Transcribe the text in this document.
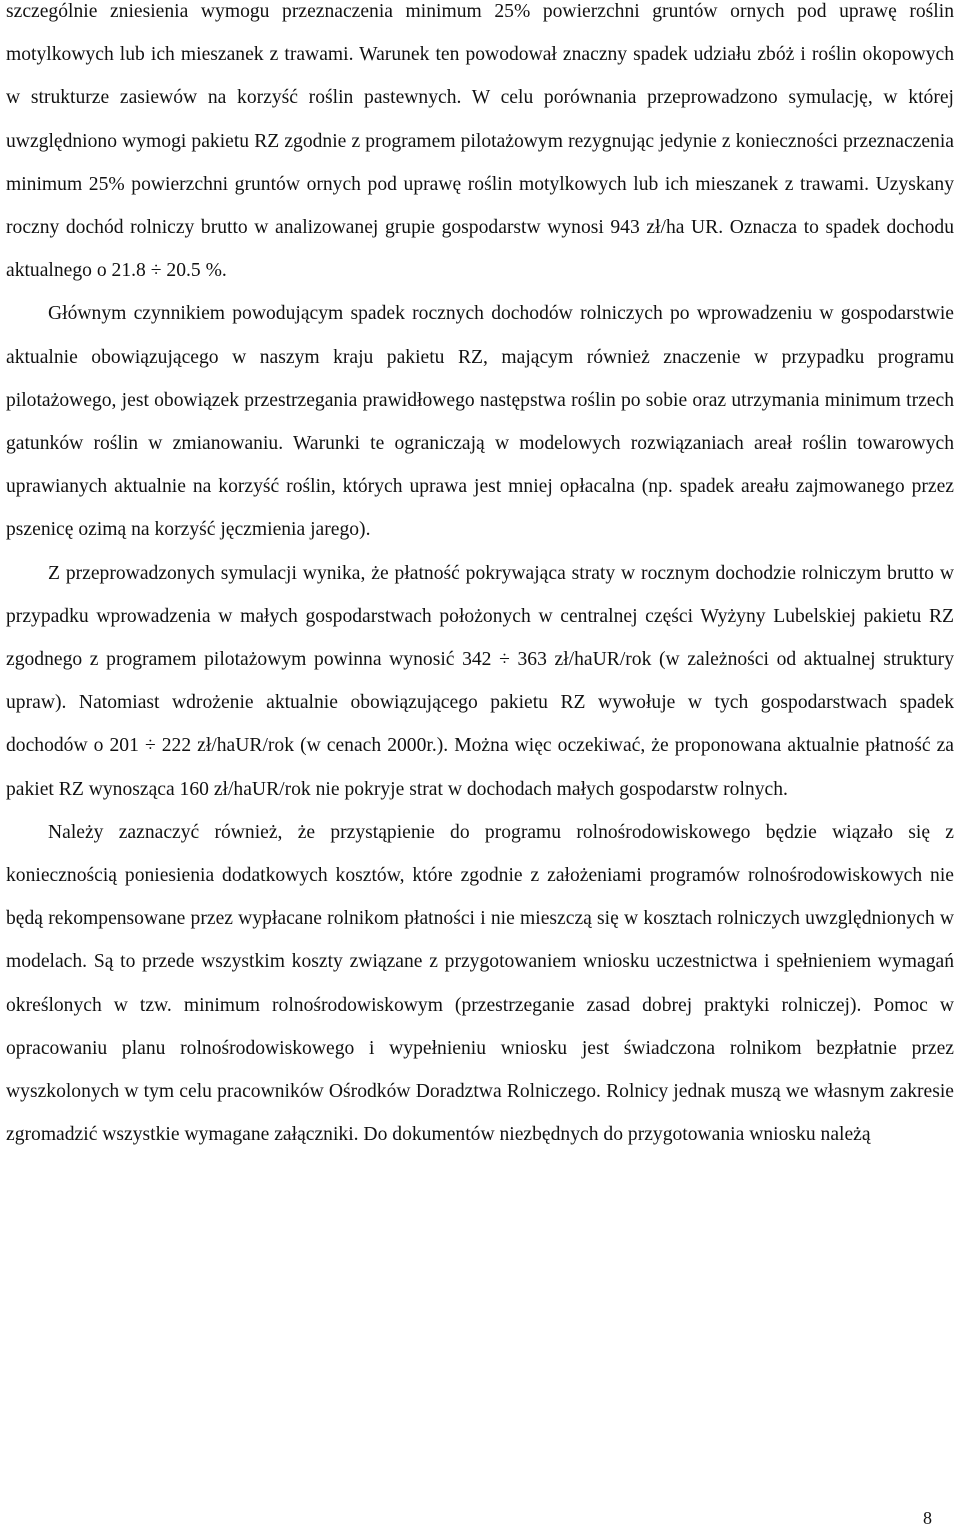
szczególnie zniesienia wymogu przeznaczenia minimum 25% powierzchni gruntów ornych pod uprawę roślin motylkowych lub ich mieszanek z trawami. Warunek ten powodował znaczny spadek udziału zbóż i roślin okopowych w strukturze zasiewów na korzyść roślin pastewnych. W celu porównania przeprowadzono symulację, w której uwzględniono wymogi pakietu RZ zgodnie z programem pilotażowym rezygnując jedynie z konieczności przeznaczenia minimum 25% powierzchni gruntów ornych pod uprawę roślin motylkowych lub ich mieszanek z trawami. Uzyskany roczny dochód rolniczy brutto w analizowanej grupie gospodarstw wynosi 943 zł/ha UR. Oznacza to spadek dochodu aktualnego o 21.8 ÷ 20.5 %.

Głównym czynnikiem powodującym spadek rocznych dochodów rolniczych po wprowadzeniu w gospodarstwie aktualnie obowiązującego w naszym kraju pakietu RZ, mającym również znaczenie w przypadku programu pilotażowego, jest obowiązek przestrzegania prawidłowego następstwa roślin po sobie oraz utrzymania minimum trzech gatunków roślin w zmianowaniu. Warunki te ograniczają w modelowych rozwiązaniach areał roślin towarowych uprawianych aktualnie na korzyść roślin, których uprawa jest mniej opłacalna (np. spadek areału zajmowanego przez pszenicę ozimą na korzyść jęczmienia jarego).

Z przeprowadzonych symulacji wynika, że płatność pokrywająca straty w rocznym dochodzie rolniczym brutto w przypadku wprowadzenia w małych gospodarstwach położonych w centralnej części Wyżyny Lubelskiej pakietu RZ zgodnego z programem pilotażowym powinna wynosić 342 ÷ 363 zł/haUR/rok (w zależności od aktualnej struktury upraw). Natomiast wdrożenie aktualnie obowiązującego pakietu RZ wywołuje w tych gospodarstwach spadek dochodów o 201 ÷ 222 zł/haUR/rok (w cenach 2000r.). Można więc oczekiwać, że proponowana aktualnie płatność za pakiet RZ wynosząca 160 zł/haUR/rok nie pokryje strat w dochodach małych gospodarstw rolnych.

Należy zaznaczyć również, że przystąpienie do programu rolnośrodowiskowego będzie wiązało się z koniecznością poniesienia dodatkowych kosztów, które zgodnie z założeniami programów rolnośrodowiskowych nie będą rekompensowane przez wypłacane rolnikom płatności i nie mieszczą się w kosztach rolniczych uwzględnionych w modelach. Są to przede wszystkim koszty związane z przygotowaniem wniosku uczestnictwa i spełnieniem wymagań określonych w tzw. minimum rolnośrodowiskowym (przestrzeganie zasad dobrej praktyki rolniczej). Pomoc w opracowaniu planu rolnośrodowiskowego i wypełnieniu wniosku jest świadczona rolnikom bezpłatnie przez wyszkolonych w tym celu pracowników Ośrodków Doradztwa Rolniczego. Rolnicy jednak muszą we własnym zakresie zgromadzić wszystkie wymagane załączniki. Do dokumentów niezbędnych do przygotowania wniosku należą

8
